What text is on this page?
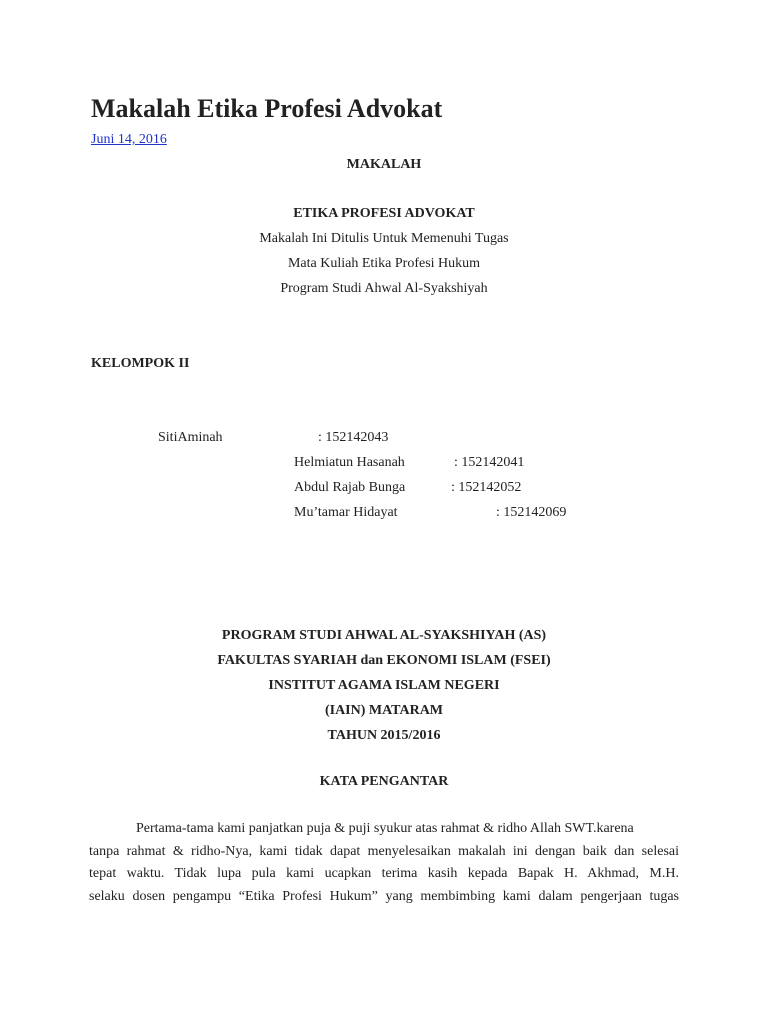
Makalah Etika Profesi Advokat
Juni 14, 2016
MAKALAH
ETIKA PROFESI ADVOKAT
Makalah Ini Ditulis Untuk Memenuhi Tugas
Mata Kuliah Etika Profesi Hukum
Program Studi Ahwal Al-Syakshiyah
KELOMPOK II
SitiAminah	: 152142043
Helmiatun Hasanah	: 152142041
Abdul Rajab Bunga	: 152142052
Mu’tamar Hidayat	: 152142069
PROGRAM STUDI AHWAL AL-SYAKSHIYAH (AS)
FAKULTAS SYARIAH dan EKONOMI ISLAM (FSEI)
INSTITUT AGAMA ISLAM NEGERI
(IAIN) MATARAM
TAHUN 2015/2016
KATA PENGANTAR
Pertama-tama kami panjatkan puja & puji syukur atas rahmat & ridho Allah SWT.karena
tanpa rahmat & ridho-Nya, kami tidak dapat menyelesaikan makalah ini dengan baik dan selesai
tepat waktu. Tidak lupa pula kami ucapkan terima kasih kepada Bapak H. Akhmad, M.H.
selaku dosen pengampu “Etika Profesi Hukum” yang membimbing kami dalam pengerjaan tugas
